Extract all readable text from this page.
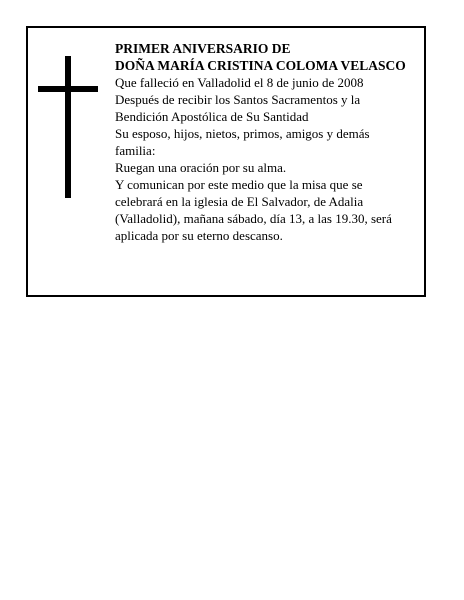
PRIMER ANIVERSARIO DE
DOÑA MARÍA CRISTINA COLOMA VELASCO
Que falleció en Valladolid el 8 de junio de 2008
Después de recibir los Santos Sacramentos y la
Bendición Apostólica de Su Santidad
Su esposo, hijos, nietos, primos, amigos y demás
familia:
Ruegan una oración por su alma.
Y comunican por este medio que la misa que se
celebrará en la iglesia de El Salvador, de Adalia
(Valladolid), mañana sábado, día 13, a las 19.30, será
aplicada por su eterno descanso.
